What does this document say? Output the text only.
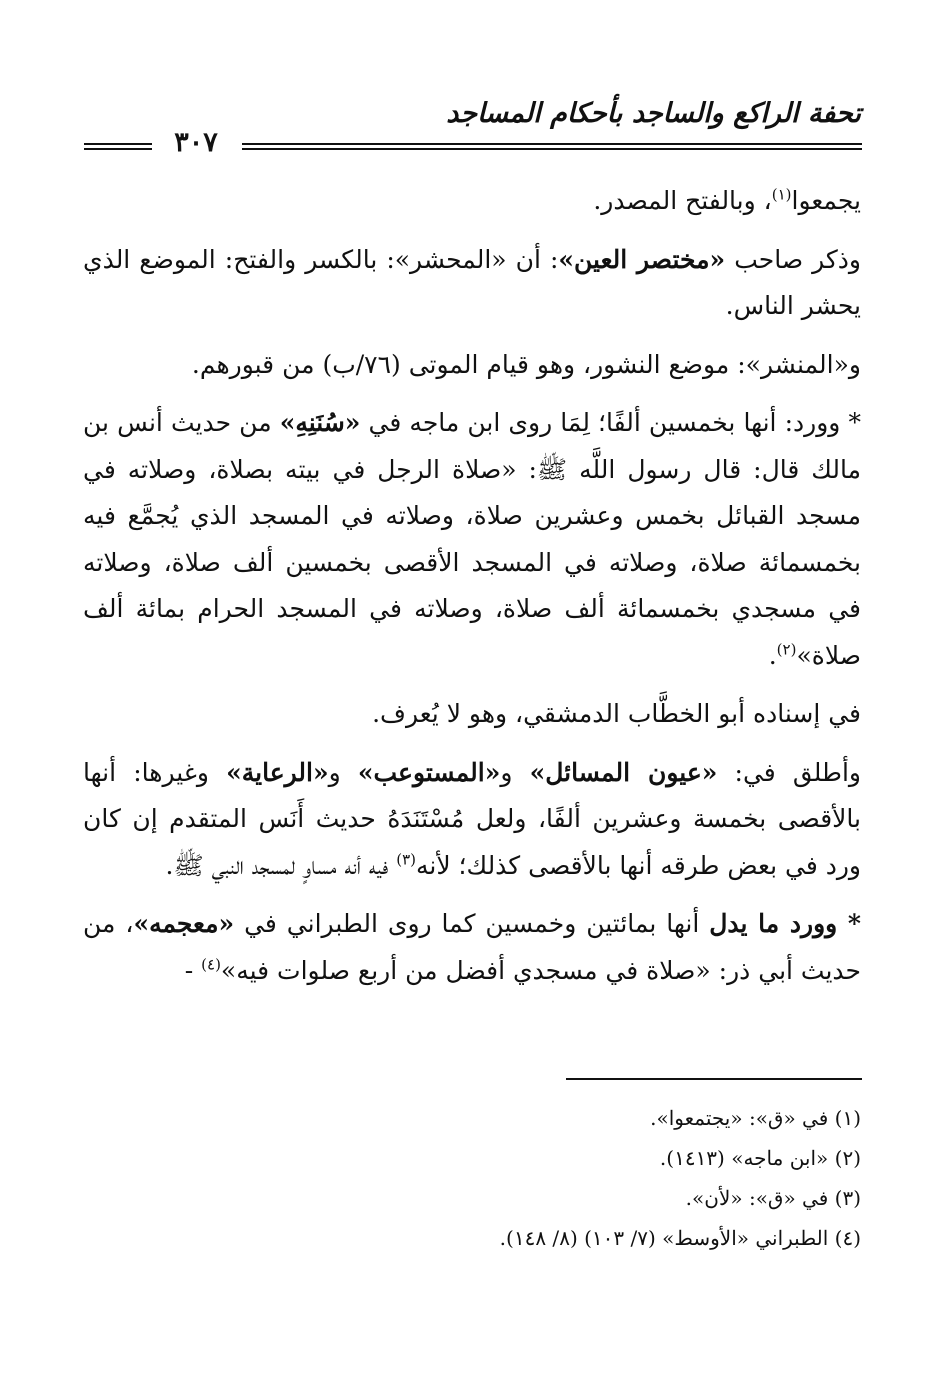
تحفة الراكع والساجد بأحكام المساجد
٣٠٧

يجمعوا$^{(١)}$، وبالفتح المصدر.

وذكر صاحب «مختصر العين»: أن «المحشر»: بالكسر والفتح: الموضع الذي يحشر الناس.

و«المنشر»: موضع النشور، وهو قيام الموتى (٧٦/ب) من قبورهم.

* وورد: أنها بخمسين ألفًا؛ لِمَا روى ابن ماجه في «سُنَنِهِ» من حديث أنس بن مالك قال: قال رسول اللَّه ﷺ: «صلاة الرجل في بيته بصلاة، وصلاته في مسجد القبائل بخمس وعشرين صلاة، وصلاته في المسجد الذي يُجمَّع فيه بخمسمائة صلاة، وصلاته في المسجد الأقصى بخمسين ألف صلاة، وصلاته في مسجدي بخمسمائة ألف صلاة، وصلاته في المسجد الحرام بمائة ألف صلاة»$^{(٢)}$.

في إسناده أبو الخطَّاب الدمشقي، وهو لا يُعرف.

وأطلق في: «عيون المسائل» و«المستوعب» و«الرعاية» وغيرها: أنها بالأقصى بخمسة وعشرين ألفًا، ولعل مُسْتَنَدَهُ حديث أَنَس المتقدم إن كان ورد في بعض طرقه أنها بالأقصى كذلك؛ لأنه$^{(٣)}$ فيه أنه مساوٍ لمسجد النبي ﷺ.

* وورد ما يدل أنها بمائتين وخمسين كما روى الطبراني في «معجمه»، من حديث أبي ذر: «صلاة في مسجدي أفضل من أربع صلوات فيه»$^{(٤)}$ -

(١) في «ق»: «يجتمعوا».

(٢) «ابن ماجه» (١٤١٣).

(٣) في «ق»: «لأن».

(٤) الطبراني «الأوسط» (٧/ ١٠٣) (٨/ ١٤٨).
